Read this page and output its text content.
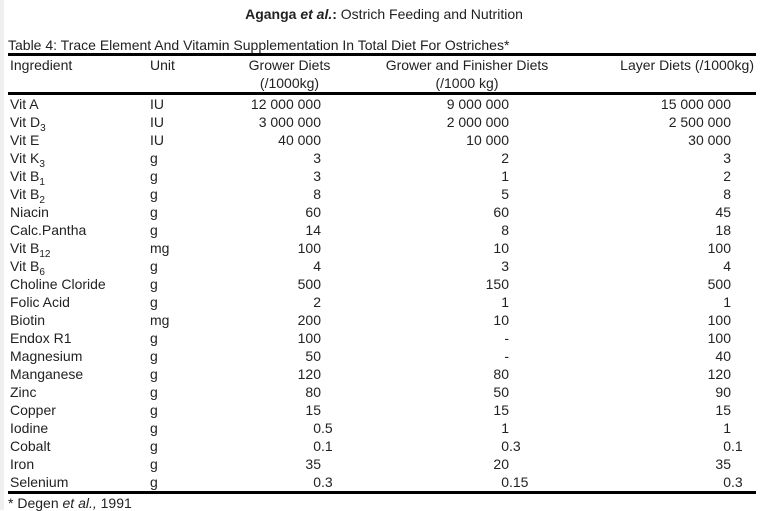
Aganga et al.: Ostrich Feeding and Nutrition
Table 4: Trace Element And Vitamin Supplementation In Total Diet For Ostriches*
Ingredient	Unit	Grower Diets	Grower and Finisher Diets	Layer Diets (/1000kg)
		(/1000kg)	(/1000 kg)	
Vit A	IU	12 000 000	9 000 000	15 000 000

Vit $D_3$	IU	3 000 000	2 000 000	2 500 000

Vit E	IU	40 000	10 000	30 000

Vit $K_3$	g	3	2	3

Vit $B_1$	g	3	1	2

Vit $B_2$	g	8	5	8

Niacin	g	60	60	45

Calc.Pantha	g	14	8	18

Vit $B_{12}$	mg	100	10	100

Vit $B_6$	g	4	3	4

Choline Cloride	g	500	150	500

Folic Acid	g	2	1	1

Biotin	mg	200	10	100

Endox R1	g	100	-	100

Magnesium	g	50	-	40

Manganese	g	120	80	120

Zinc	g	80	50	90

Copper	g	15	15	15

Iodine	g	0 .5	1	1

Cobalt	g	0 .1	0 .3	0 .1

Iron	g	35	20	35

Selenium	g	0 .3	0 .15	0 .3
* Degen et al., 1991
